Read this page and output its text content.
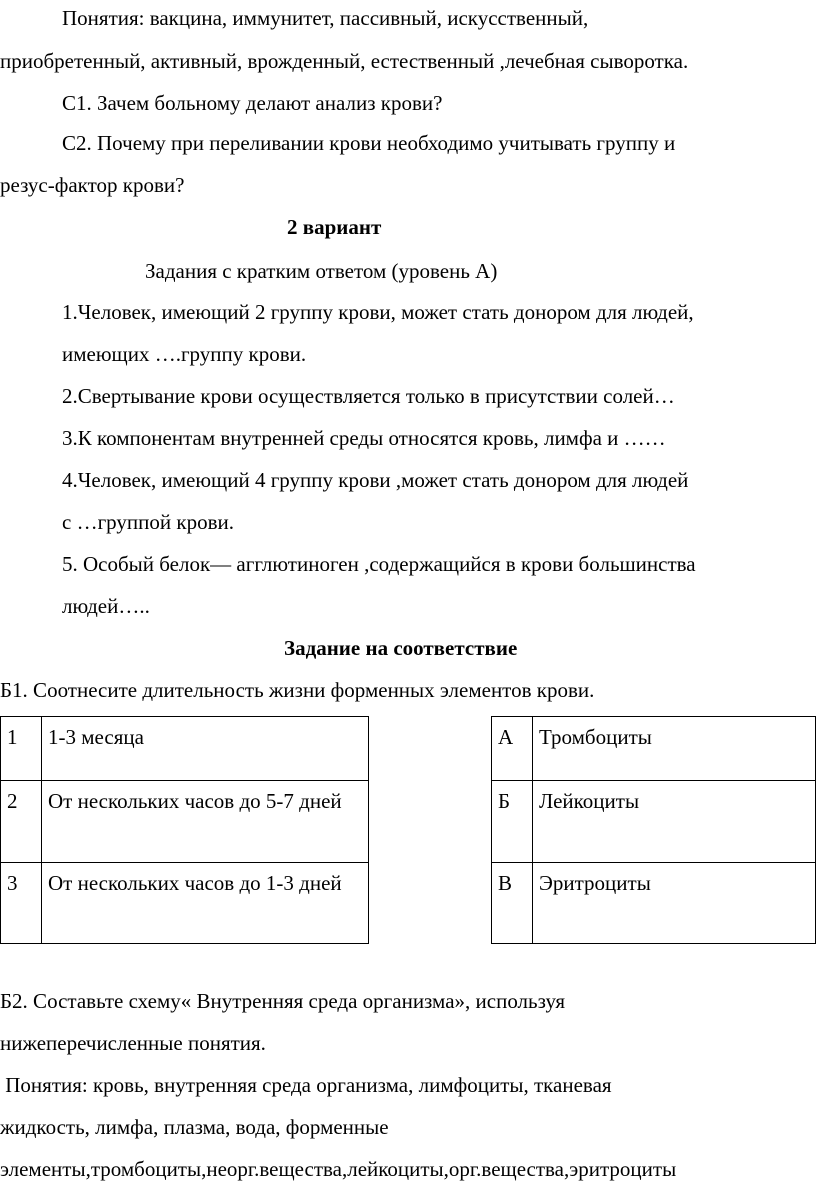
Понятия: вакцина, иммунитет, пассивный, искусственный,
приобретенный, активный, врожденный, естественный ,лечебная сыворотка.
С1. Зачем больному делают анализ крови?
С2. Почему при переливании крови необходимо учитывать группу и
резус-фактор крови?
2 вариант
Задания с кратким ответом (уровень А)
1.Человек, имеющий 2 группу крови, может стать донором для людей,
имеющих ….группу крови.
2.Свертывание крови осуществляется только в присутствии солей…
3.К компонентам внутренней среды относятся кровь, лимфа и ……
4.Человек, имеющий 4 группу крови ,может стать донором для людей
с …группой крови.
5. Особый белок— агглютиноген ,содержащийся в крови большинства
людей…..
Задание на соответствие
Б1. Соотнесите длительность жизни форменных элементов крови.
1	1-3 месяца
2	От нескольких часов до 5-7 дней
3	От нескольких часов до 1-3 дней
А	Тромбоциты
Б	Лейкоциты
В	Эритроциты
Б2. Составьте схему« Внутренняя среда организма», используя
нижеперечисленные понятия.
Понятия: кровь, внутренняя среда организма, лимфоциты, тканевая
жидкость, лимфа, плазма, вода, форменные
элементы,тромбоциты,неорг.вещества,лейкоциты,орг.вещества,эритроциты
